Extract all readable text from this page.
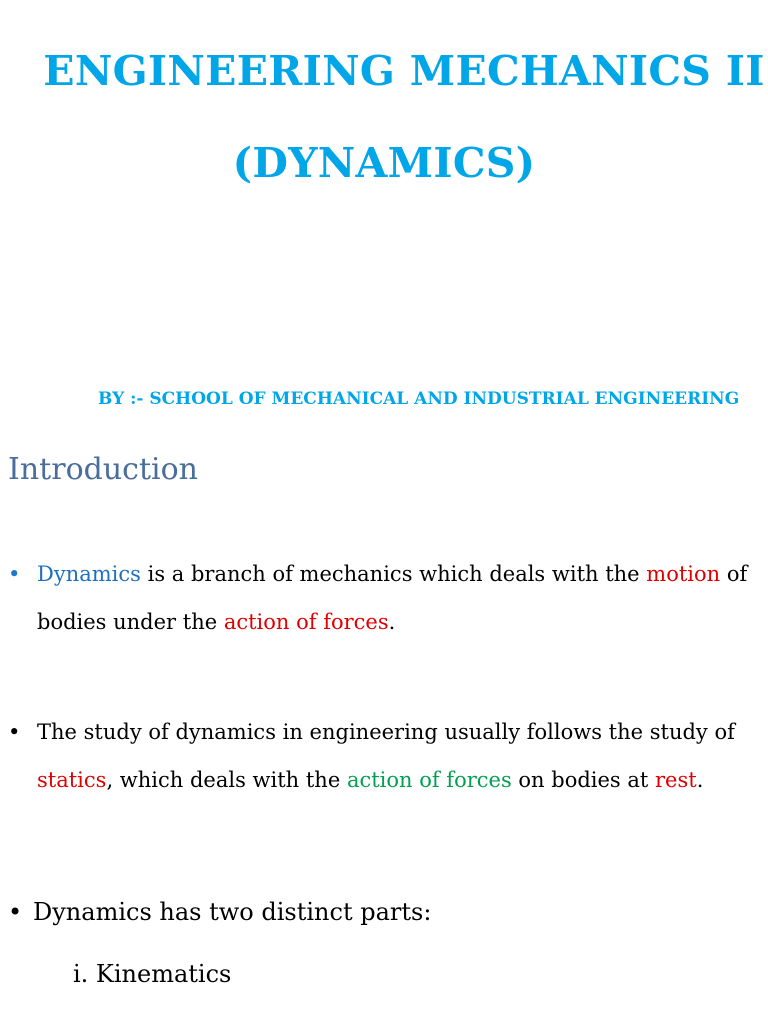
ENGINEERING MECHANICS II
(DYNAMICS)
BY :- SCHOOL OF MECHANICAL AND INDUSTRIAL ENGINEERING
Introduction
• Dynamics is a branch of mechanics which deals with the motion of bodies under the action of forces.
• The study of dynamics in engineering usually follows the study of statics, which deals with the action of forces on bodies at rest.
• Dynamics has two distinct parts:
i. Kinematics
